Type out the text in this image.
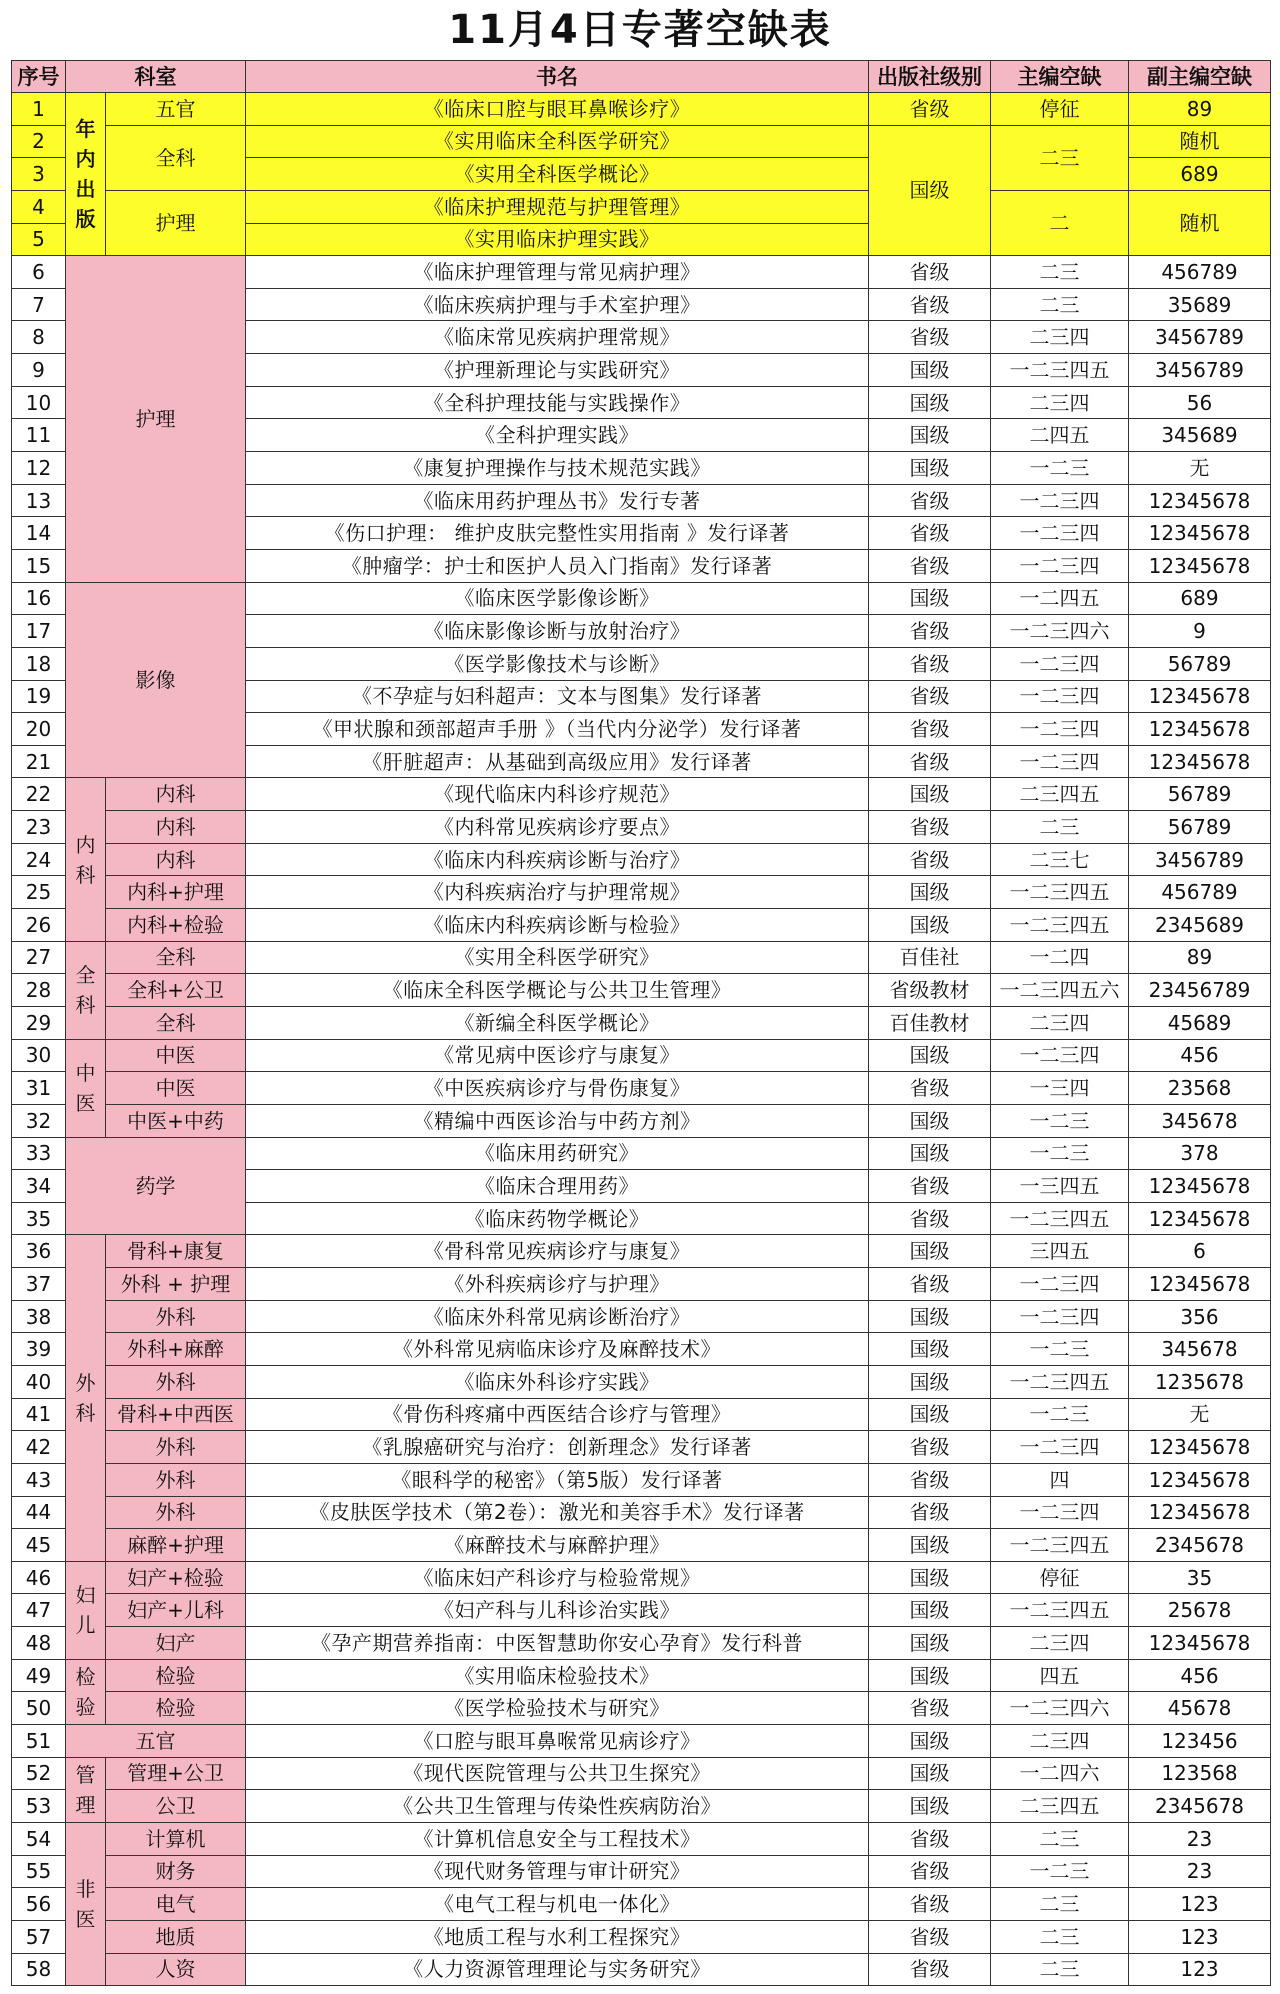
11月4日专著空缺表
序号	科室		书名	出版社级别	主编空缺	副主编空缺
1	年内出版	五官	《临床口腔与眼耳鼻喉诊疗》	省级	停征	89
2		全科	《实用临床全科医学研究》	国级	二三	随机
3			《实用全科医学概论》			689
4		护理	《临床护理规范与护理管理》		二	随机
5			《实用临床护理实践》			
6	护理		《临床护理管理与常见病护理》	省级	二三	456789
7			《临床疾病护理与手术室护理》	省级	二三	35689
8			《临床常见疾病护理常规》	省级	二三四	3456789
9			《护理新理论与实践研究》	国级	一二三四五	3456789
10			《全科护理技能与实践操作》	国级	二三四	56
11			《全科护理实践》	国级	二四五	345689
12			《康复护理操作与技术规范实践》	国级	一二三	无
13			《临床用药护理丛书》发行专著	省级	一二三四	12345678
14			《伤口护理： 维护皮肤完整性实用指南 》发行译著	省级	一二三四	12345678
15			《肿瘤学：护士和医护人员入门指南》发行译著	省级	一二三四	12345678
16	影像		《临床医学影像诊断》	国级	一二四五	689
17			《临床影像诊断与放射治疗》	省级	一二三四六	9
18			《医学影像技术与诊断》	省级	一二三四	56789
19			《不孕症与妇科超声：文本与图集》发行译著	省级	一二三四	12345678
20			《甲状腺和颈部超声手册 》（当代内分泌学）发行译著	省级	一二三四	12345678
21			《肝脏超声：从基础到高级应用》发行译著	省级	一二三四	12345678
22	内科	内科	《现代临床内科诊疗规范》	国级	二三四五	56789
23		内科	《内科常见疾病诊疗要点》	省级	二三	56789
24		内科	《临床内科疾病诊断与治疗》	省级	二三七	3456789
25		内科+护理	《内科疾病治疗与护理常规》	国级	一二三四五	456789
26		内科+检验	《临床内科疾病诊断与检验》	国级	一二三四五	2345689
27	全科	全科	《实用全科医学研究》	百佳社	一二四	89
28		全科+公卫	《临床全科医学概论与公共卫生管理》	省级教材	一二三四五六	23456789
29		全科	《新编全科医学概论》	百佳教材	二三四	45689
30	中医	中医	《常见病中医诊疗与康复》	国级	一二三四	456
31		中医	《中医疾病诊疗与骨伤康复》	省级	一三四	23568
32		中医+中药	《精编中西医诊治与中药方剂》	国级	一二三	345678
33	药学		《临床用药研究》	国级	一二三	378
34			《临床合理用药》	省级	一三四五	12345678
35			《临床药物学概论》	省级	一二三四五	12345678
36	外科	骨科+康复	《骨科常见疾病诊疗与康复》	国级	三四五	6
37		外科 + 护理	《外科疾病诊疗与护理》	省级	一二三四	12345678
38		外科	《临床外科常见病诊断治疗》	国级	一二三四	356
39		外科+麻醉	《外科常见病临床诊疗及麻醉技术》	国级	一二三	345678
40		外科	《临床外科诊疗实践》	国级	一二三四五	1235678
41		骨科+中西医	《骨伤科疼痛中西医结合诊疗与管理》	国级	一二三	无
42		外科	《乳腺癌研究与治疗：创新理念》发行译著	省级	一二三四	12345678
43		外科	《眼科学的秘密》（第5版）发行译著	省级	四	12345678
44		外科	《皮肤医学技术（第2卷）：激光和美容手术》发行译著	省级	一二三四	12345678
45		麻醉+护理	《麻醉技术与麻醉护理》	国级	一二三四五	2345678
46	妇儿	妇产+检验	《临床妇产科诊疗与检验常规》	国级	停征	35
47		妇产+儿科	《妇产科与儿科诊治实践》	国级	一二三四五	25678
48		妇产	《孕产期营养指南：中医智慧助你安心孕育》发行科普	国级	二三四	12345678
49	检验	检验	《实用临床检验技术》	国级	四五	456
50		检验	《医学检验技术与研究》	省级	一二三四六	45678
51	五官		《口腔与眼耳鼻喉常见病诊疗》	国级	二三四	123456
52	管理	管理+公卫	《现代医院管理与公共卫生探究》	国级	一二四六	123568
53		公卫	《公共卫生管理与传染性疾病防治》	国级	二三四五	2345678
54	非医	计算机	《计算机信息安全与工程技术》	省级	二三	23
55		财务	《现代财务管理与审计研究》	省级	一二三	23
56		电气	《电气工程与机电一体化》	省级	二三	123
57		地质	《地质工程与水利工程探究》	省级	二三	123
58		人资	《人力资源管理理论与实务研究》	省级	二三	123
